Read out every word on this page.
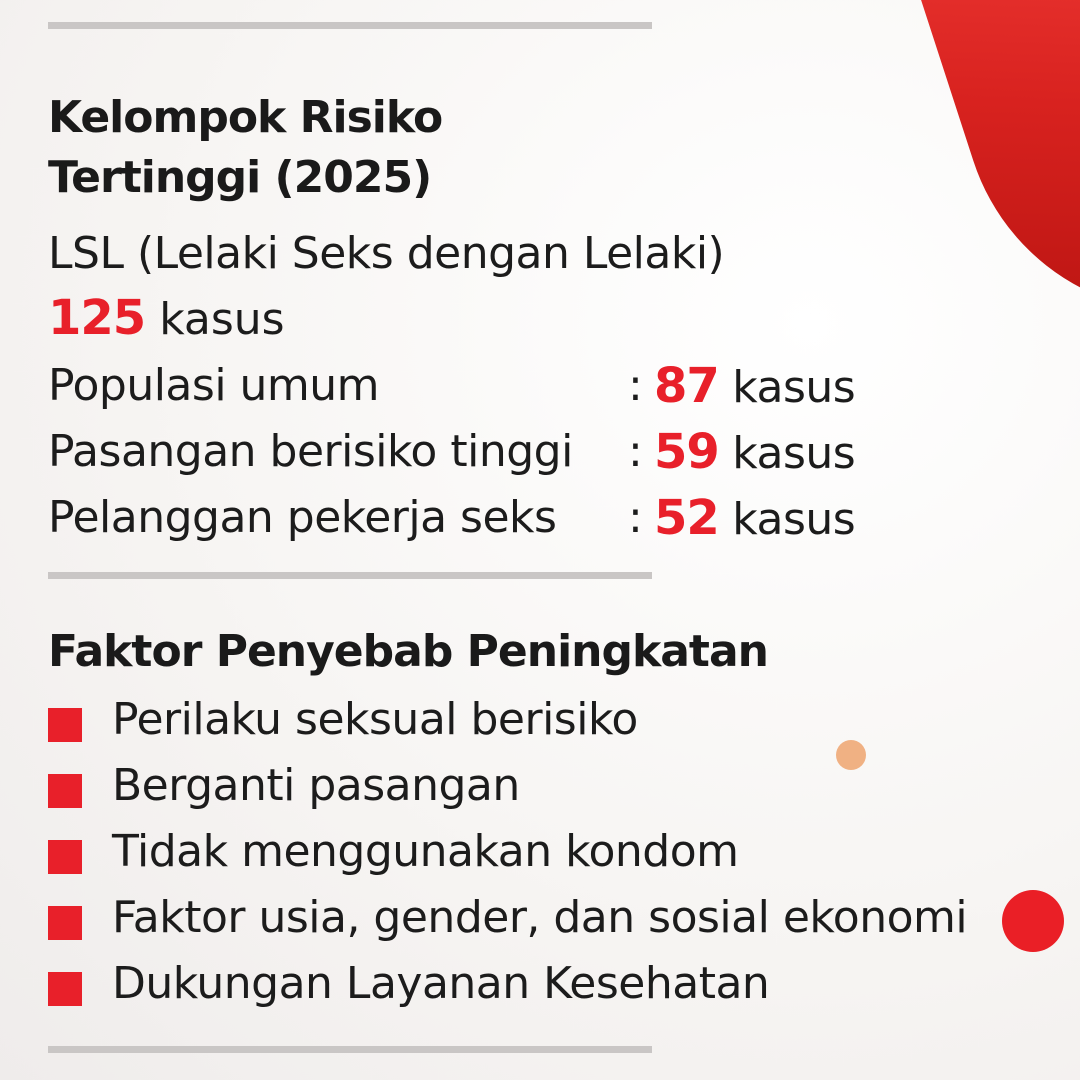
Kelompok Risiko
Tertinggi (2025)
LSL (Lelaki Seks dengan Lelaki)
125 kasus
Populasi umum	: 87 kasus
Pasangan berisiko tinggi : 59 kasus
Pelanggan pekerja seks : 52 kasus
Faktor Penyebab Peningkatan
Perilaku seksual berisiko
Berganti pasangan
Tidak menggunakan kondom
Faktor usia, gender, dan sosial ekonomi
Dukungan Layanan Kesehatan
